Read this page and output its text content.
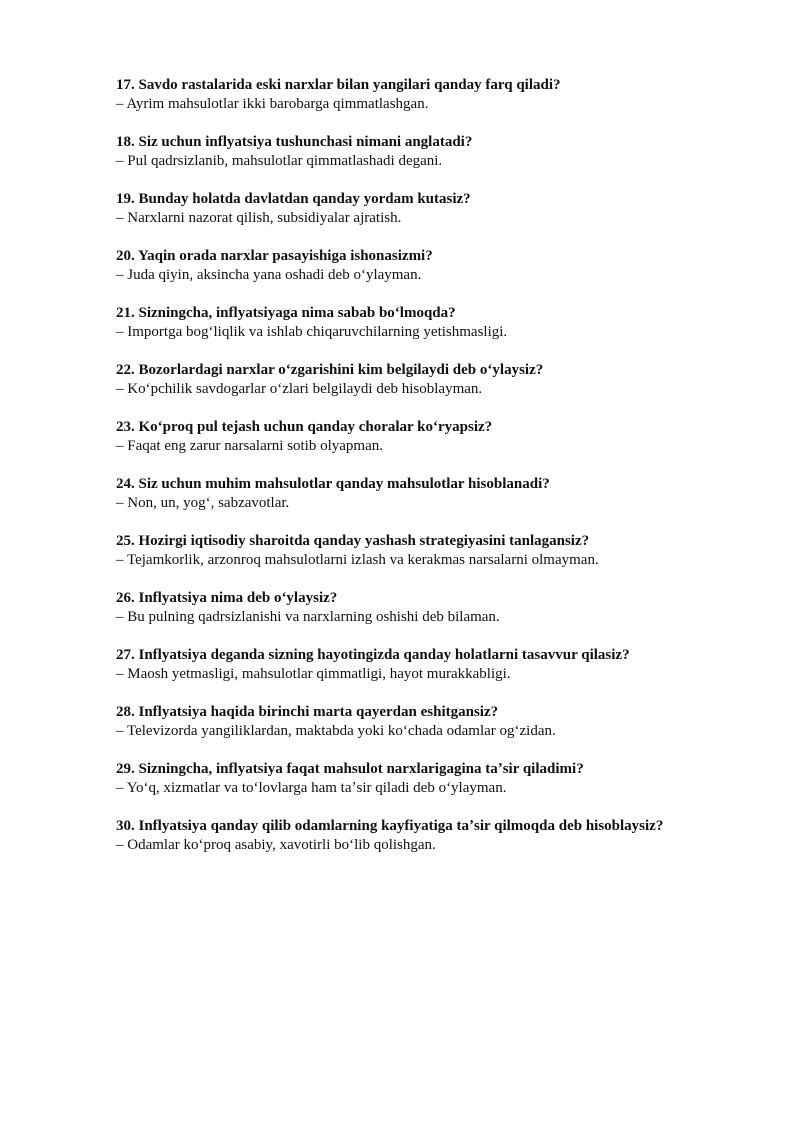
17. Savdo rastalarida eski narxlar bilan yangilari qanday farq qiladi?

– Ayrim mahsulotlar ikki barobarga qimmatlashgan.

18. Siz uchun inflyatsiya tushunchasi nimani anglatadi?

– Pul qadrsizlanib, mahsulotlar qimmatlashadi degani.

19. Bunday holatda davlatdan qanday yordam kutasiz?

– Narxlarni nazorat qilish, subsidiyalar ajratish.

20. Yaqin orada narxlar pasayishiga ishonasizmi?

– Juda qiyin, aksincha yana oshadi deb oʻylayman.

21. Sizningcha, inflyatsiyaga nima sabab boʻlmoqda?

– Importga bogʻliqlik va ishlab chiqaruvchilarning yetishmasligi.

22. Bozorlardagi narxlar oʻzgarishini kim belgilaydi deb oʻylaysiz?

– Koʻpchilik savdogarlar oʻzlari belgilaydi deb hisoblayman.

23. Koʻproq pul tejash uchun qanday choralar koʻryapsiz?

– Faqat eng zarur narsalarni sotib olyapman.

24. Siz uchun muhim mahsulotlar qanday mahsulotlar hisoblanadi?

– Non, un, yogʻ, sabzavotlar.

25. Hozirgi iqtisodiy sharoitda qanday yashash strategiyasini tanlagansiz?

– Tejamkorlik, arzonroq mahsulotlarni izlash va kerakmas narsalarni olmayman.

26. Inflyatsiya nima deb oʻylaysiz?

– Bu pulning qadrsizlanishi va narxlarning oshishi deb bilaman.

27. Inflyatsiya deganda sizning hayotingizda qanday holatlarni tasavvur qilasiz?

– Maosh yetmasligi, mahsulotlar qimmatligi, hayot murakkabligi.

28. Inflyatsiya haqida birinchi marta qayerdan eshitgansiz?

– Televizorda yangiliklardan, maktabda yoki koʻchada odamlar ogʻzidan.

29. Sizningcha, inflyatsiya faqat mahsulot narxlarigagina taʼsir qiladimi?

– Yoʻq, xizmatlar va toʻlovlarga ham taʼsir qiladi deb oʻylayman.

30. Inflyatsiya qanday qilib odamlarning kayfiyatiga taʼsir qilmoqda deb hisoblaysiz?

– Odamlar koʻproq asabiy, xavotirli boʻlib qolishgan.
